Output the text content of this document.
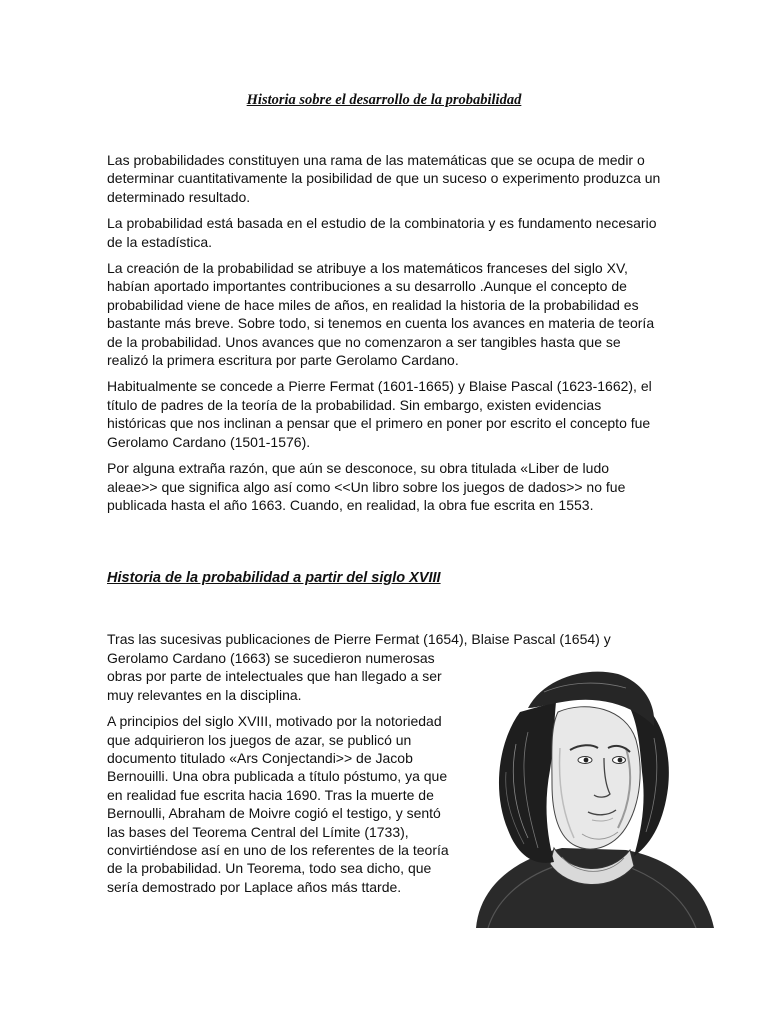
Historia sobre el desarrollo de la probabilidad

Las probabilidades constituyen una rama de las matemáticas que se ocupa de medir o determinar cuantitativamente la posibilidad de que un suceso o experimento produzca un determinado resultado.

La probabilidad está basada en el estudio de la combinatoria y es fundamento necesario de la estadística.

La creación de la probabilidad se atribuye a los matemáticos franceses del siglo XV, habían aportado importantes contribuciones a su desarrollo .Aunque el concepto de probabilidad viene de hace miles de años, en realidad la historia de la probabilidad es bastante más breve. Sobre todo, si tenemos en cuenta los avances en materia de teoría de la probabilidad. Unos avances que no comenzaron a ser tangibles hasta que se realizó la primera escritura por parte Gerolamo Cardano.

Habitualmente se concede a Pierre Fermat (1601-1665) y Blaise Pascal (1623-1662), el título de padres de la teoría de la probabilidad. Sin embargo, existen evidencias históricas que nos inclinan a pensar que el primero en poner por escrito el concepto fue Gerolamo Cardano (1501-1576).

Por alguna extraña razón, que aún se desconoce, su obra titulada «Liber de ludo aleae>> que significa algo así como <<Un libro sobre los juegos de dados>> no fue publicada hasta el año 1663. Cuando, en realidad, la obra fue escrita en 1553.

Historia de la probabilidad a partir del siglo XVIII

Tras las sucesivas publicaciones de Pierre Fermat (1654), Blaise Pascal (1654) y

Gerolamo Cardano (1663) se sucedieron numerosas obras por parte de intelectuales que han llegado a ser muy relevantes en la disciplina.

A principios del siglo XVIII, motivado por la notoriedad que adquirieron los juegos de azar, se publicó un documento titulado «Ars Conjectandi>> de Jacob Bernouilli. Una obra publicada a título póstumo, ya que en realidad fue escrita hacia 1690. Tras la muerte de Bernoulli, Abraham de Moivre cogió el testigo, y sentó las bases del Teorema Central del Límite (1733), convirtiéndose así en uno de los referentes de la teoría de la probabilidad. Un Teorema, todo sea dicho, que sería demostrado por Laplace años más ttarde.
